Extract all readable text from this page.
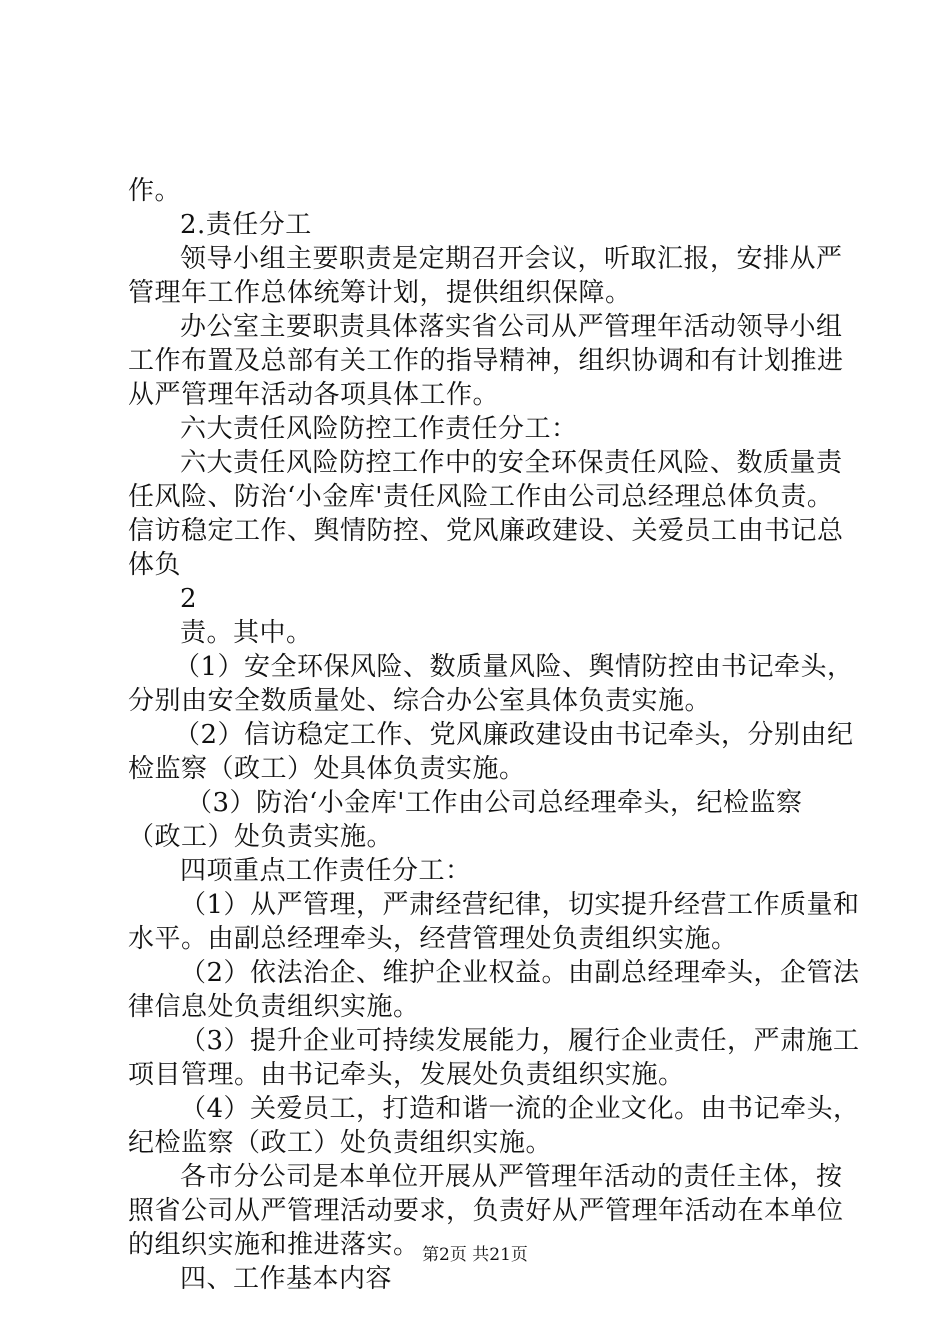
作。
2.责任分工
领导小组主要职责是定期召开会议，听取汇报，安排从严
管理年工作总体统筹计划，提供组织保障。
办公室主要职责具体落实省公司从严管理年活动领导小组
工作布置及总部有关工作的指导精神，组织协调和有计划推进
从严管理年活动各项具体工作。
六大责任风险防控工作责任分工：
六大责任风险防控工作中的安全环保责任风险、数质量责
任风险、防治‘小金库'责任风险工作由公司总经理总体负责。
信访稳定工作、舆情防控、党风廉政建设、关爱员工由书记总
体负
2
责。其中。
（1）安全环保风险、数质量风险、舆情防控由书记牵头，
分别由安全数质量处、综合办公室具体负责实施。
（2）信访稳定工作、党风廉政建设由书记牵头，分别由纪
检监察（政工）处具体负责实施。
（3）防治‘小金库'工作由公司总经理牵头，纪检监察
（政工）处负责实施。
四项重点工作责任分工：
（1）从严管理，严肃经营纪律，切实提升经营工作质量和
水平。由副总经理牵头，经营管理处负责组织实施。
（2）依法治企、维护企业权益。由副总经理牵头，企管法
律信息处负责组织实施。
（3）提升企业可持续发展能力，履行企业责任，严肃施工
项目管理。由书记牵头，发展处负责组织实施。
（4）关爱员工，打造和谐一流的企业文化。由书记牵头，
纪检监察（政工）处负责组织实施。
各市分公司是本单位开展从严管理年活动的责任主体，按
照省公司从严管理活动要求，负责好从严管理年活动在本单位
的组织实施和推进落实。
四、工作基本内容
第2页 共21页
